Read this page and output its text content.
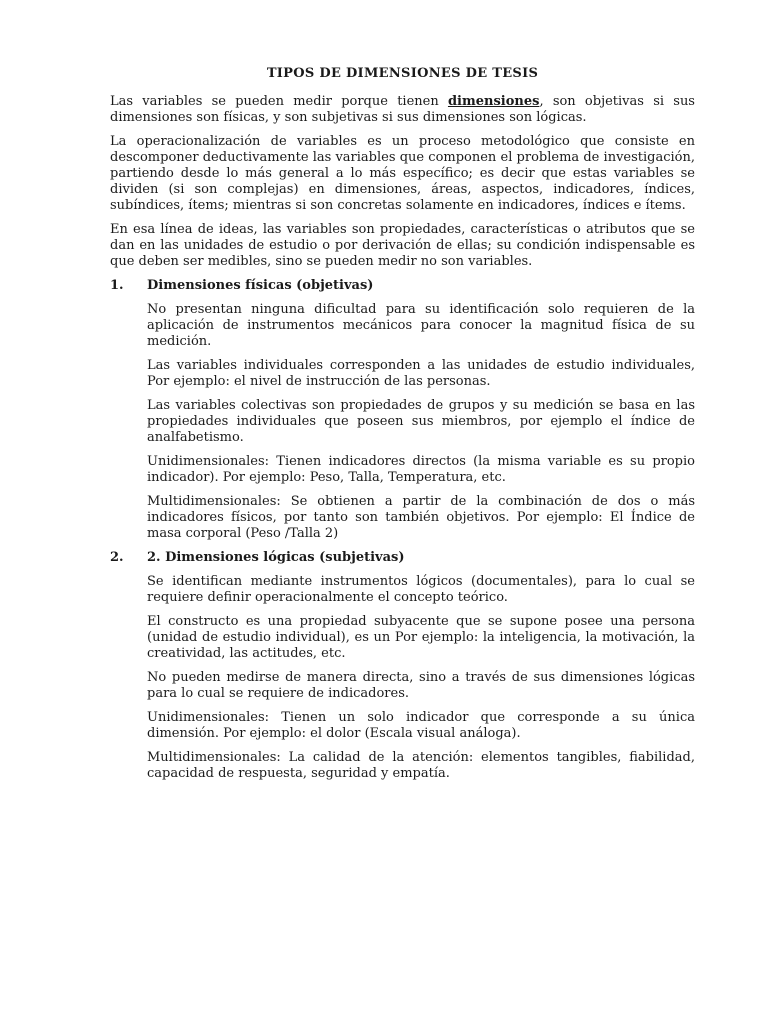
TIPOS DE DIMENSIONES DE TESIS

Las variables se pueden medir porque tienen dimensiones, son objetivas si sus dimensiones son físicas, y son subjetivas si sus dimensiones son lógicas.

La operacionalización de variables es un proceso metodológico que consiste en descomponer deductivamente las variables que componen el problema de investigación, partiendo desde lo más general a lo más específico; es decir que estas variables se dividen (si son complejas) en dimensiones, áreas, aspectos, indicadores, índices, subíndices, ítems; mientras si son concretas solamente en indicadores, índices e ítems.

En esa línea de ideas, las variables son propiedades, características o atributos que se dan en las unidades de estudio o por derivación de ellas; su condición indispensable es que deben ser medibles, sino se pueden medir no son variables.

1.	Dimensiones físicas (objetivas)

No presentan ninguna dificultad para su identificación solo requieren de la aplicación de instrumentos mecánicos para conocer la magnitud física de su medición.

Las variables individuales corresponden a las unidades de estudio individuales, Por ejemplo: el nivel de instrucción de las personas.

Las variables colectivas son propiedades de grupos y su medición se basa en las propiedades individuales que poseen sus miembros, por ejemplo el índice de analfabetismo.

Unidimensionales: Tienen indicadores directos (la misma variable es su propio indicador). Por ejemplo: Peso, Talla, Temperatura, etc.

Multidimensionales: Se obtienen a partir de la combinación de dos o más indicadores físicos, por tanto son también objetivos. Por ejemplo: El Índice de masa corporal (Peso /Talla 2)

2.	2. Dimensiones lógicas (subjetivas)

Se identifican mediante instrumentos lógicos (documentales), para lo cual se requiere definir operacionalmente el concepto teórico.

El constructo es una propiedad subyacente que se supone posee una persona (unidad de estudio individual), es un Por ejemplo: la inteligencia, la motivación, la creatividad, las actitudes, etc.

No pueden medirse de manera directa, sino a través de sus dimensiones lógicas para lo cual se requiere de indicadores.

Unidimensionales: Tienen un solo indicador que corresponde a su única dimensión. Por ejemplo: el dolor (Escala visual análoga).

Multidimensionales: La calidad de la atención: elementos tangibles, fiabilidad, capacidad de respuesta, seguridad y empatía.
